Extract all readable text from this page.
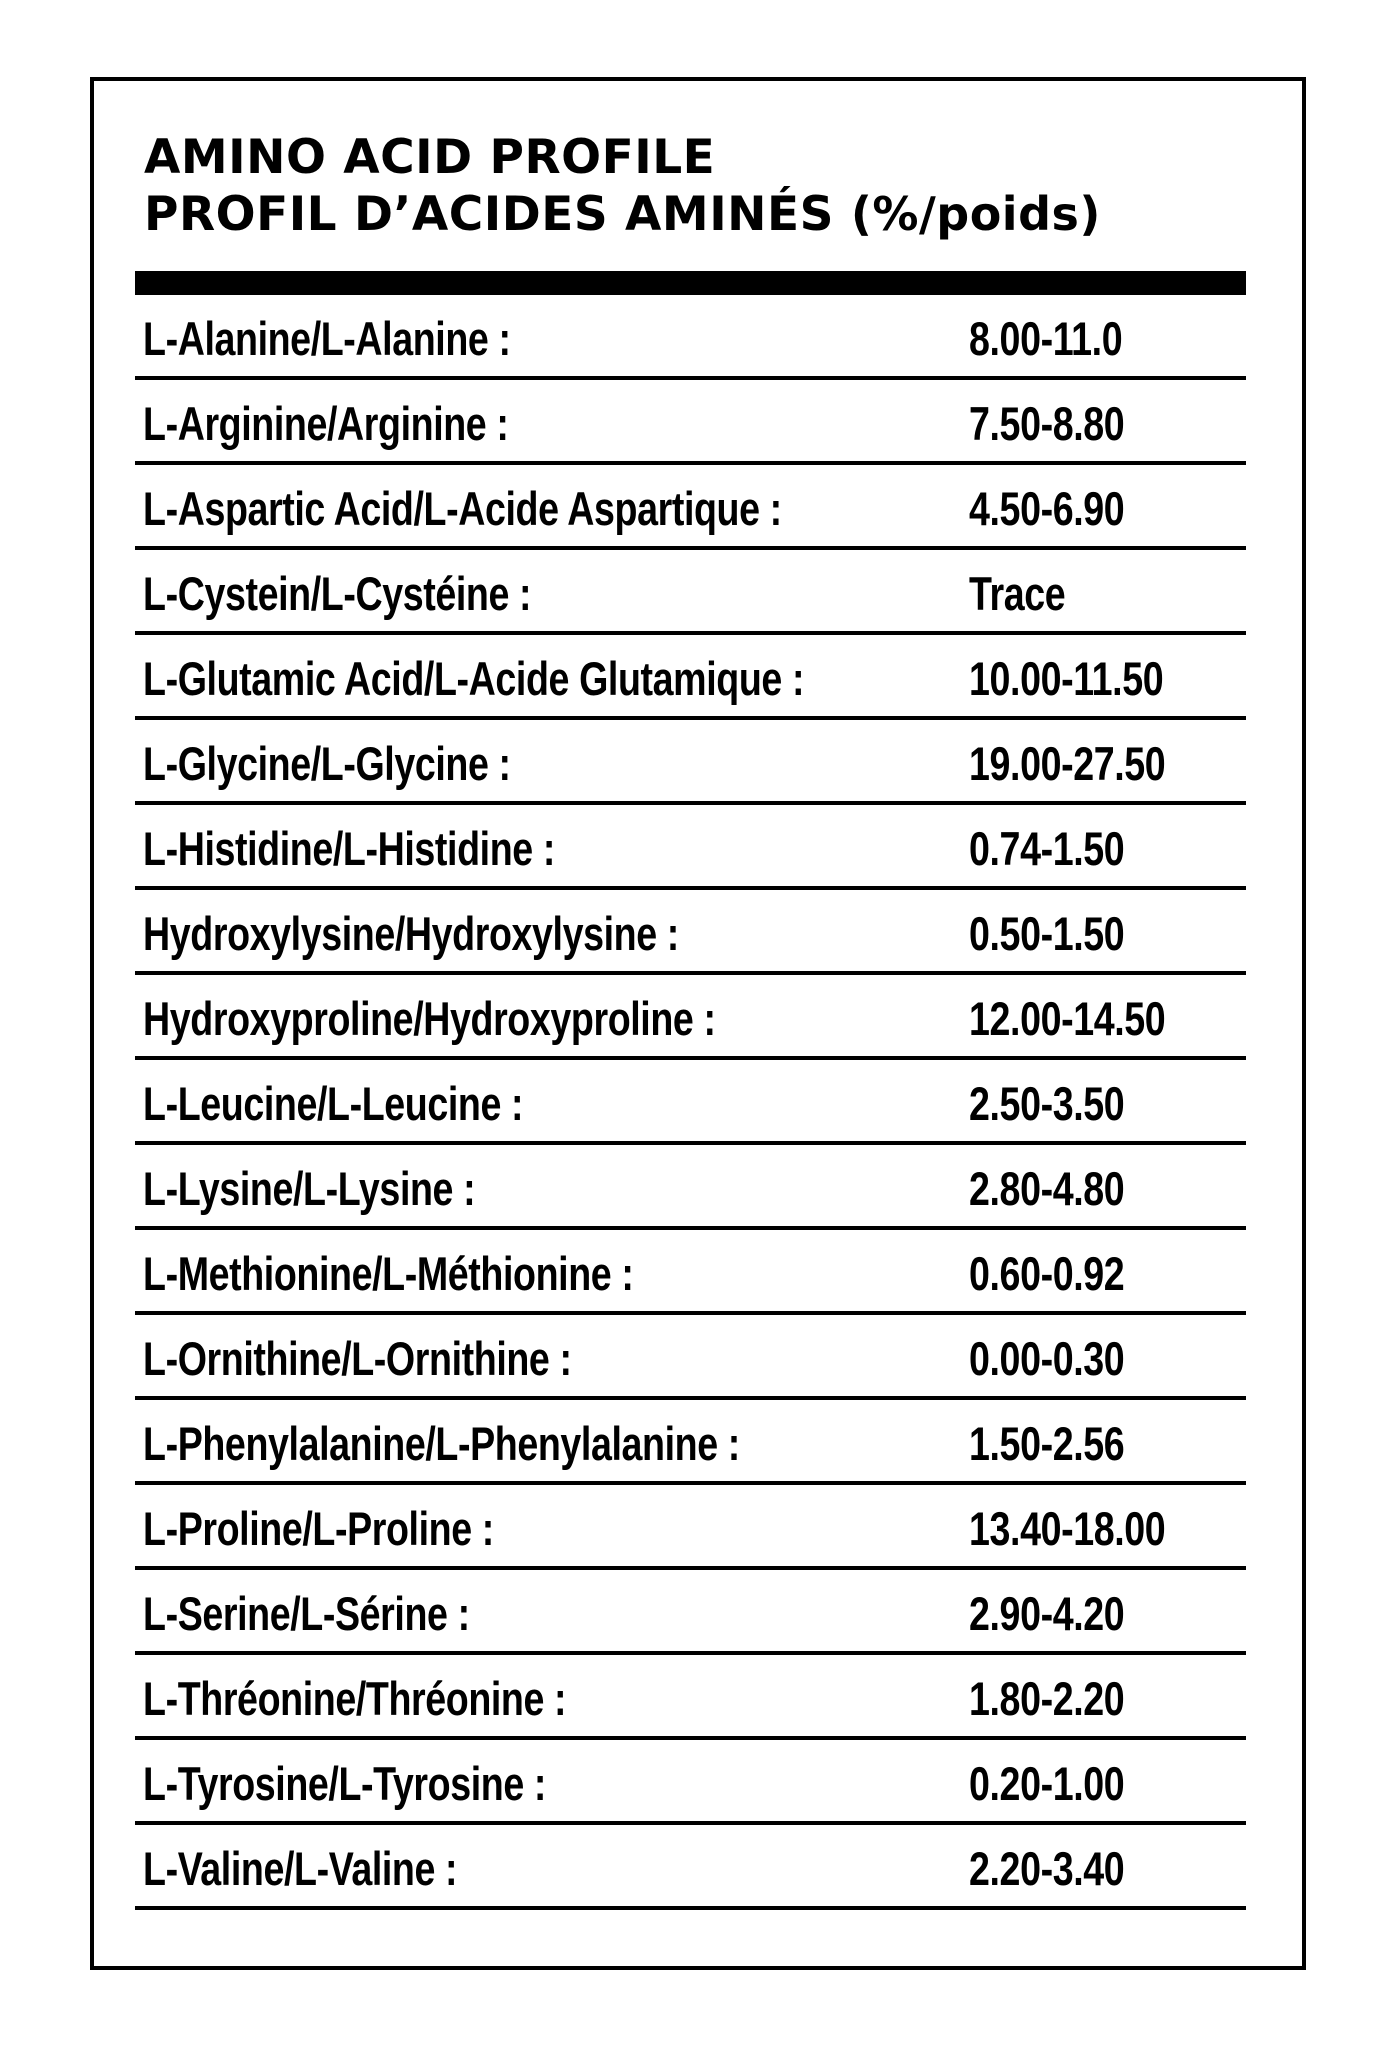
AMINO ACID PROFILE
PROFIL D’ACIDES AMINÉS (%/poids)
L-Alanine/L-Alanine :	8.00-11.0
L-Arginine/Arginine :	7.50-8.80
L-Aspartic Acid/L-Acide Aspartique :	4.50-6.90
L-Cystein/L-Cystéine :	Trace
L-Glutamic Acid/L-Acide Glutamique :	10.00-11.50
L-Glycine/L-Glycine :	19.00-27.50
L-Histidine/L-Histidine :	0.74-1.50
Hydroxylysine/Hydroxylysine :	0.50-1.50
Hydroxyproline/Hydroxyproline :	12.00-14.50
L-Leucine/L-Leucine :	2.50-3.50
L-Lysine/L-Lysine :	2.80-4.80
L-Methionine/L-Méthionine :	0.60-0.92
L-Ornithine/L-Ornithine :	0.00-0.30
L-Phenylalanine/L-Phenylalanine :	1.50-2.56
L-Proline/L-Proline :	13.40-18.00
L-Serine/L-Sérine :	2.90-4.20
L-Thréonine/Thréonine :	1.80-2.20
L-Tyrosine/L-Tyrosine :	0.20-1.00
L-Valine/L-Valine :	2.20-3.40
